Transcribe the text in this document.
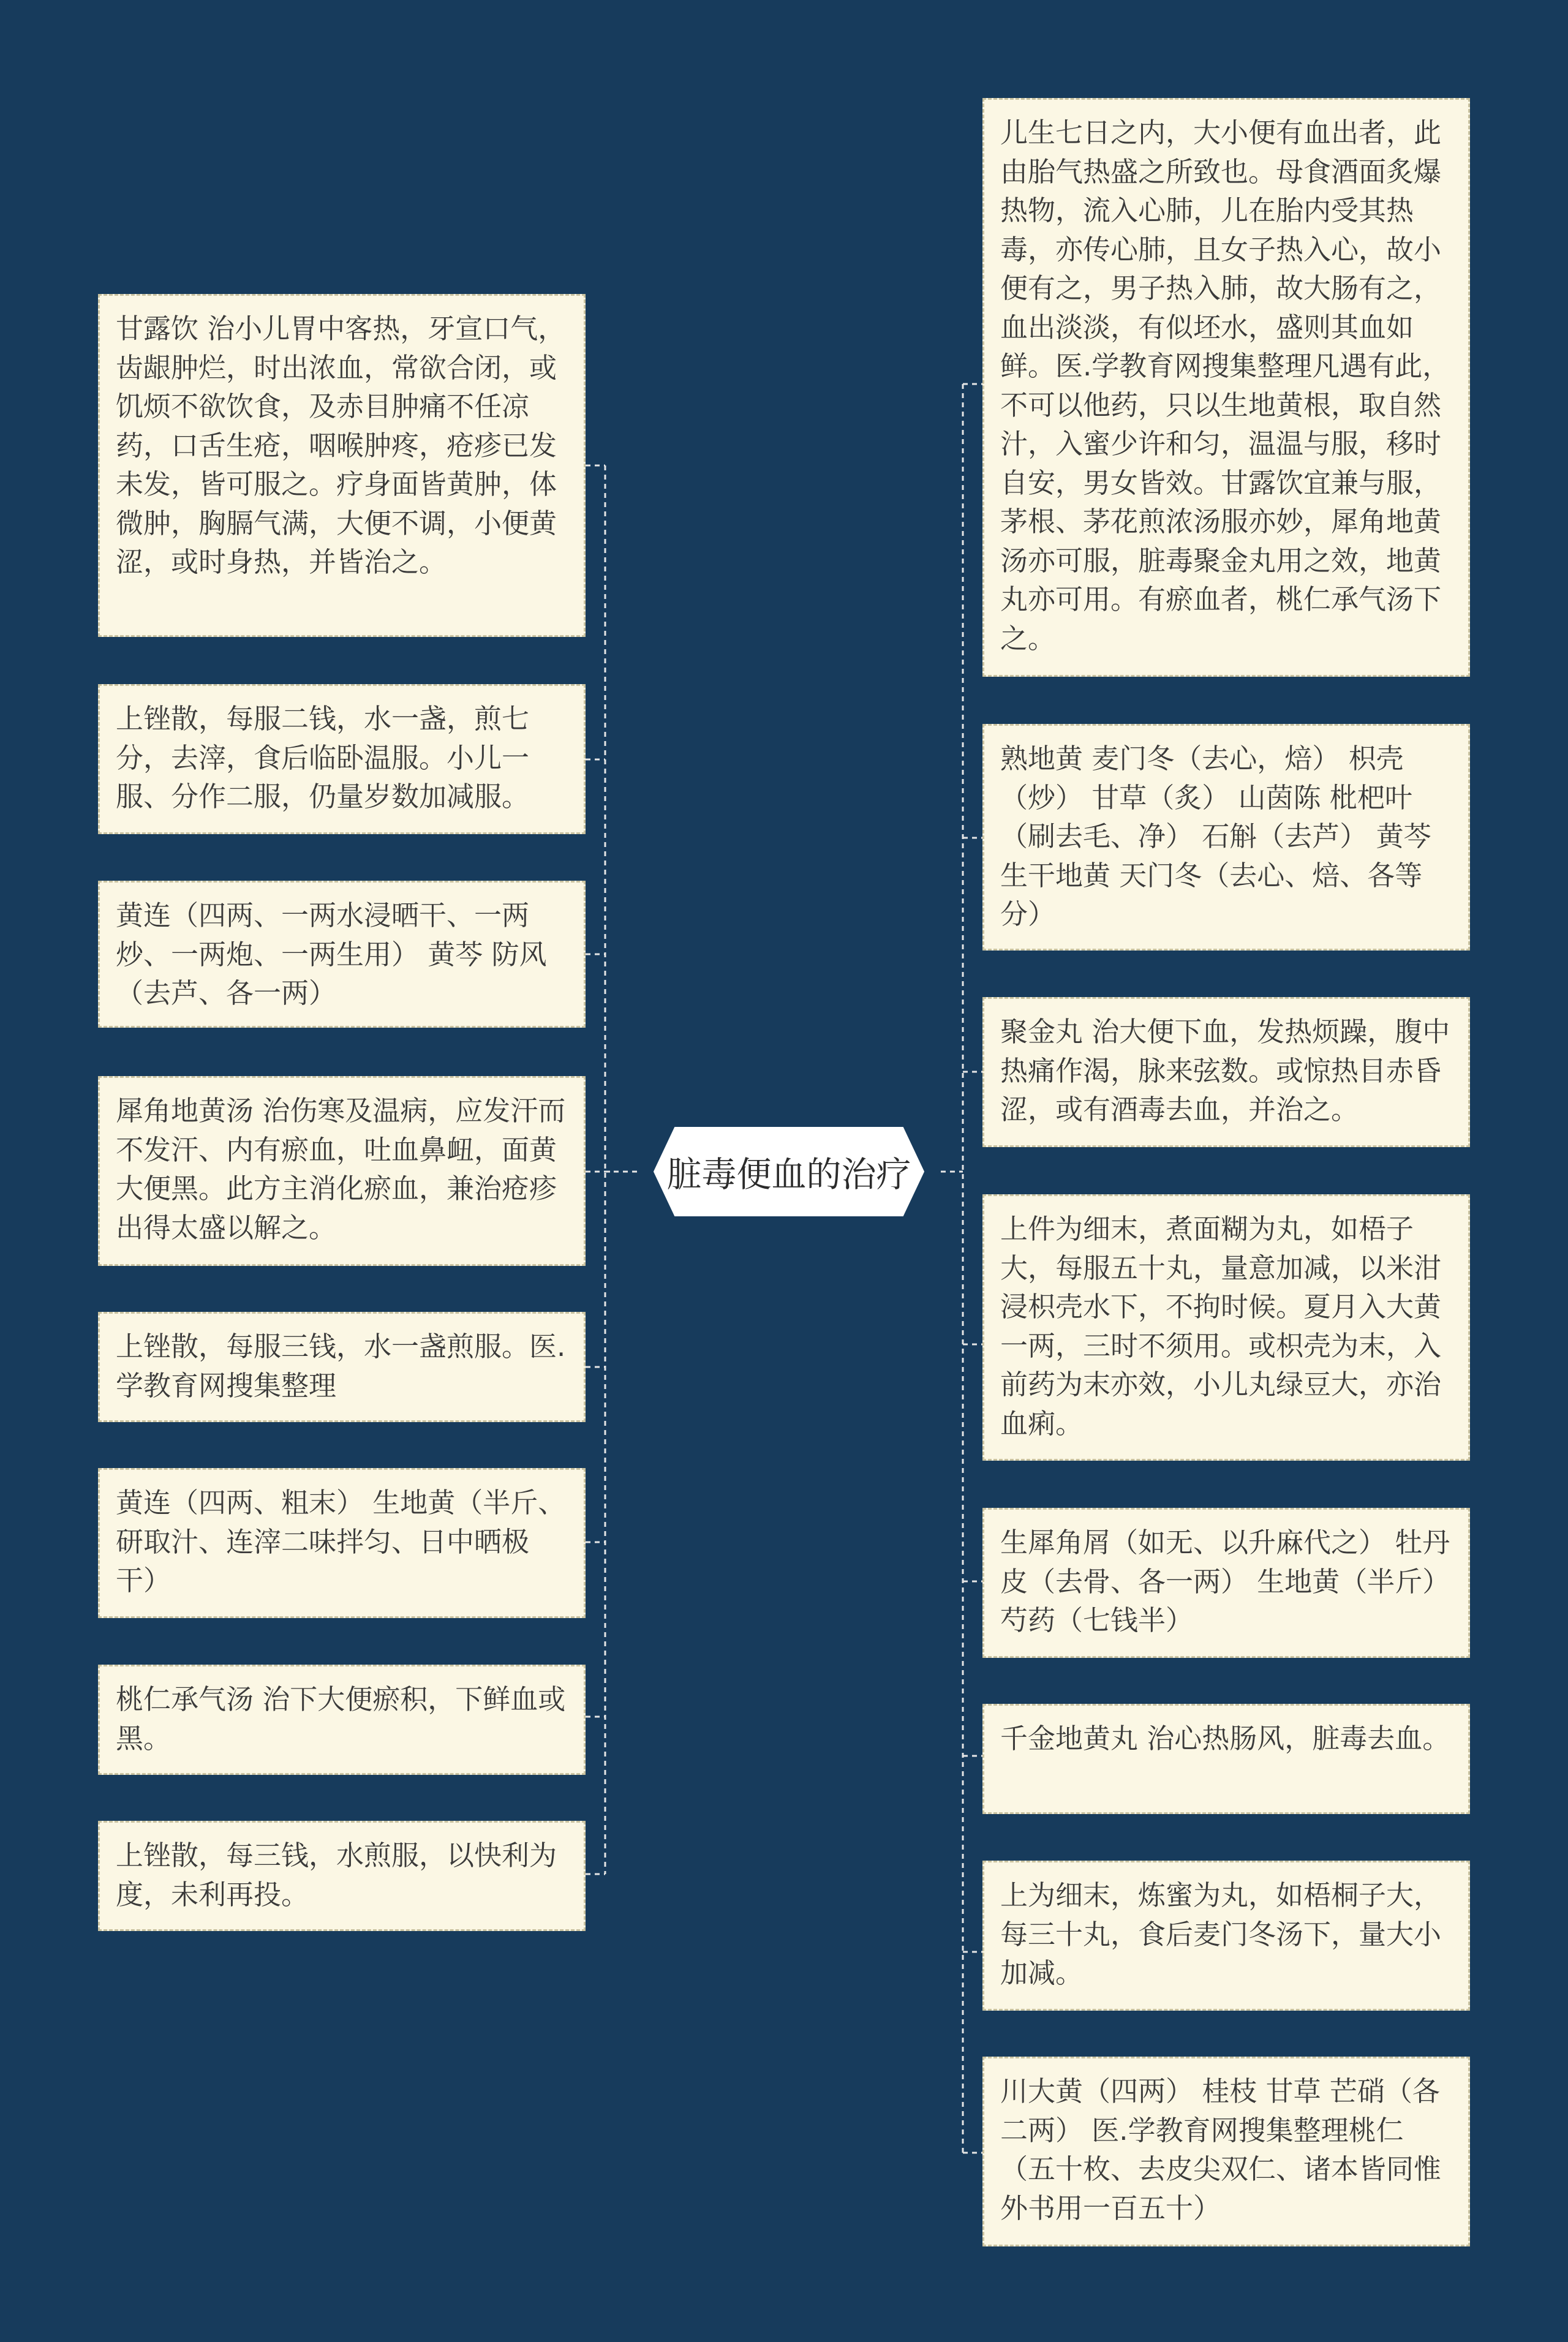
脏毒便血的治疗
甘露饮 治小儿胃中客热，牙宣口气，齿龈肿烂，时出浓血，常欲合闭，或饥烦不欲饮食，及赤目肿痛不任凉药，口舌生疮，咽喉肿疼，疮疹已发未发，皆可服之。疗身面皆黄肿，体微肿，胸膈气满，大便不调，小便黄涩，或时身热，并皆治之。
上锉散，每服二钱，水一盏，煎七分，去滓，食后临卧温服。小儿一服、分作二服，仍量岁数加减服。
黄连（四两、一两水浸晒干、一两炒、一两炮、一两生用） 黄芩 防风（去芦、各一两）
犀角地黄汤 治伤寒及温病，应发汗而不发汗、内有瘀血，吐血鼻衄，面黄大便黑。此方主消化瘀血，兼治疮疹出得太盛以解之。
上锉散，每服三钱，水一盏煎服。医.学教育网搜集整理
黄连（四两、粗末） 生地黄（半斤、研取汁、连滓二味拌匀、日中晒极干）
桃仁承气汤 治下大便瘀积，下鲜血或黑。
上锉散，每三钱，水煎服，以快利为度，未利再投。
儿生七日之内，大小便有血出者，此由胎气热盛之所致也。母食酒面炙爆热物，流入心肺，儿在胎内受其热毒，亦传心肺，且女子热入心，故小便有之，男子热入肺，故大肠有之，血出淡淡，有似坯水，盛则其血如鲜。医.学教育网搜集整理凡遇有此，不可以他药，只以生地黄根，取自然汁，入蜜少许和匀，温温与服，移时自安，男女皆效。甘露饮宜兼与服，茅根、茅花煎浓汤服亦妙，犀角地黄汤亦可服，脏毒聚金丸用之效，地黄丸亦可用。有瘀血者，桃仁承气汤下之。
熟地黄 麦门冬（去心，焙） 枳壳（炒） 甘草（炙） 山茵陈 枇杷叶（刷去毛、净） 石斛（去芦） 黄芩 生干地黄 天门冬（去心、焙、各等分）
聚金丸 治大便下血，发热烦躁，腹中热痛作渴，脉来弦数。或惊热目赤昏涩，或有酒毒去血，并治之。
上件为细末，煮面糊为丸，如梧子大，每服五十丸，量意加减，以米泔浸枳壳水下，不拘时候。夏月入大黄一两，三时不须用。或枳壳为末，入前药为末亦效，小儿丸绿豆大，亦治血痢。
生犀角屑（如无、以升麻代之） 牡丹皮（去骨、各一两） 生地黄（半斤） 芍药（七钱半）
千金地黄丸 治心热肠风，脏毒去血。
上为细末，炼蜜为丸，如梧桐子大，每三十丸，食后麦门冬汤下，量大小加减。
川大黄（四两） 桂枝 甘草 芒硝（各二两） 医.学教育网搜集整理桃仁（五十枚、去皮尖双仁、诸本皆同惟外书用一百五十）
